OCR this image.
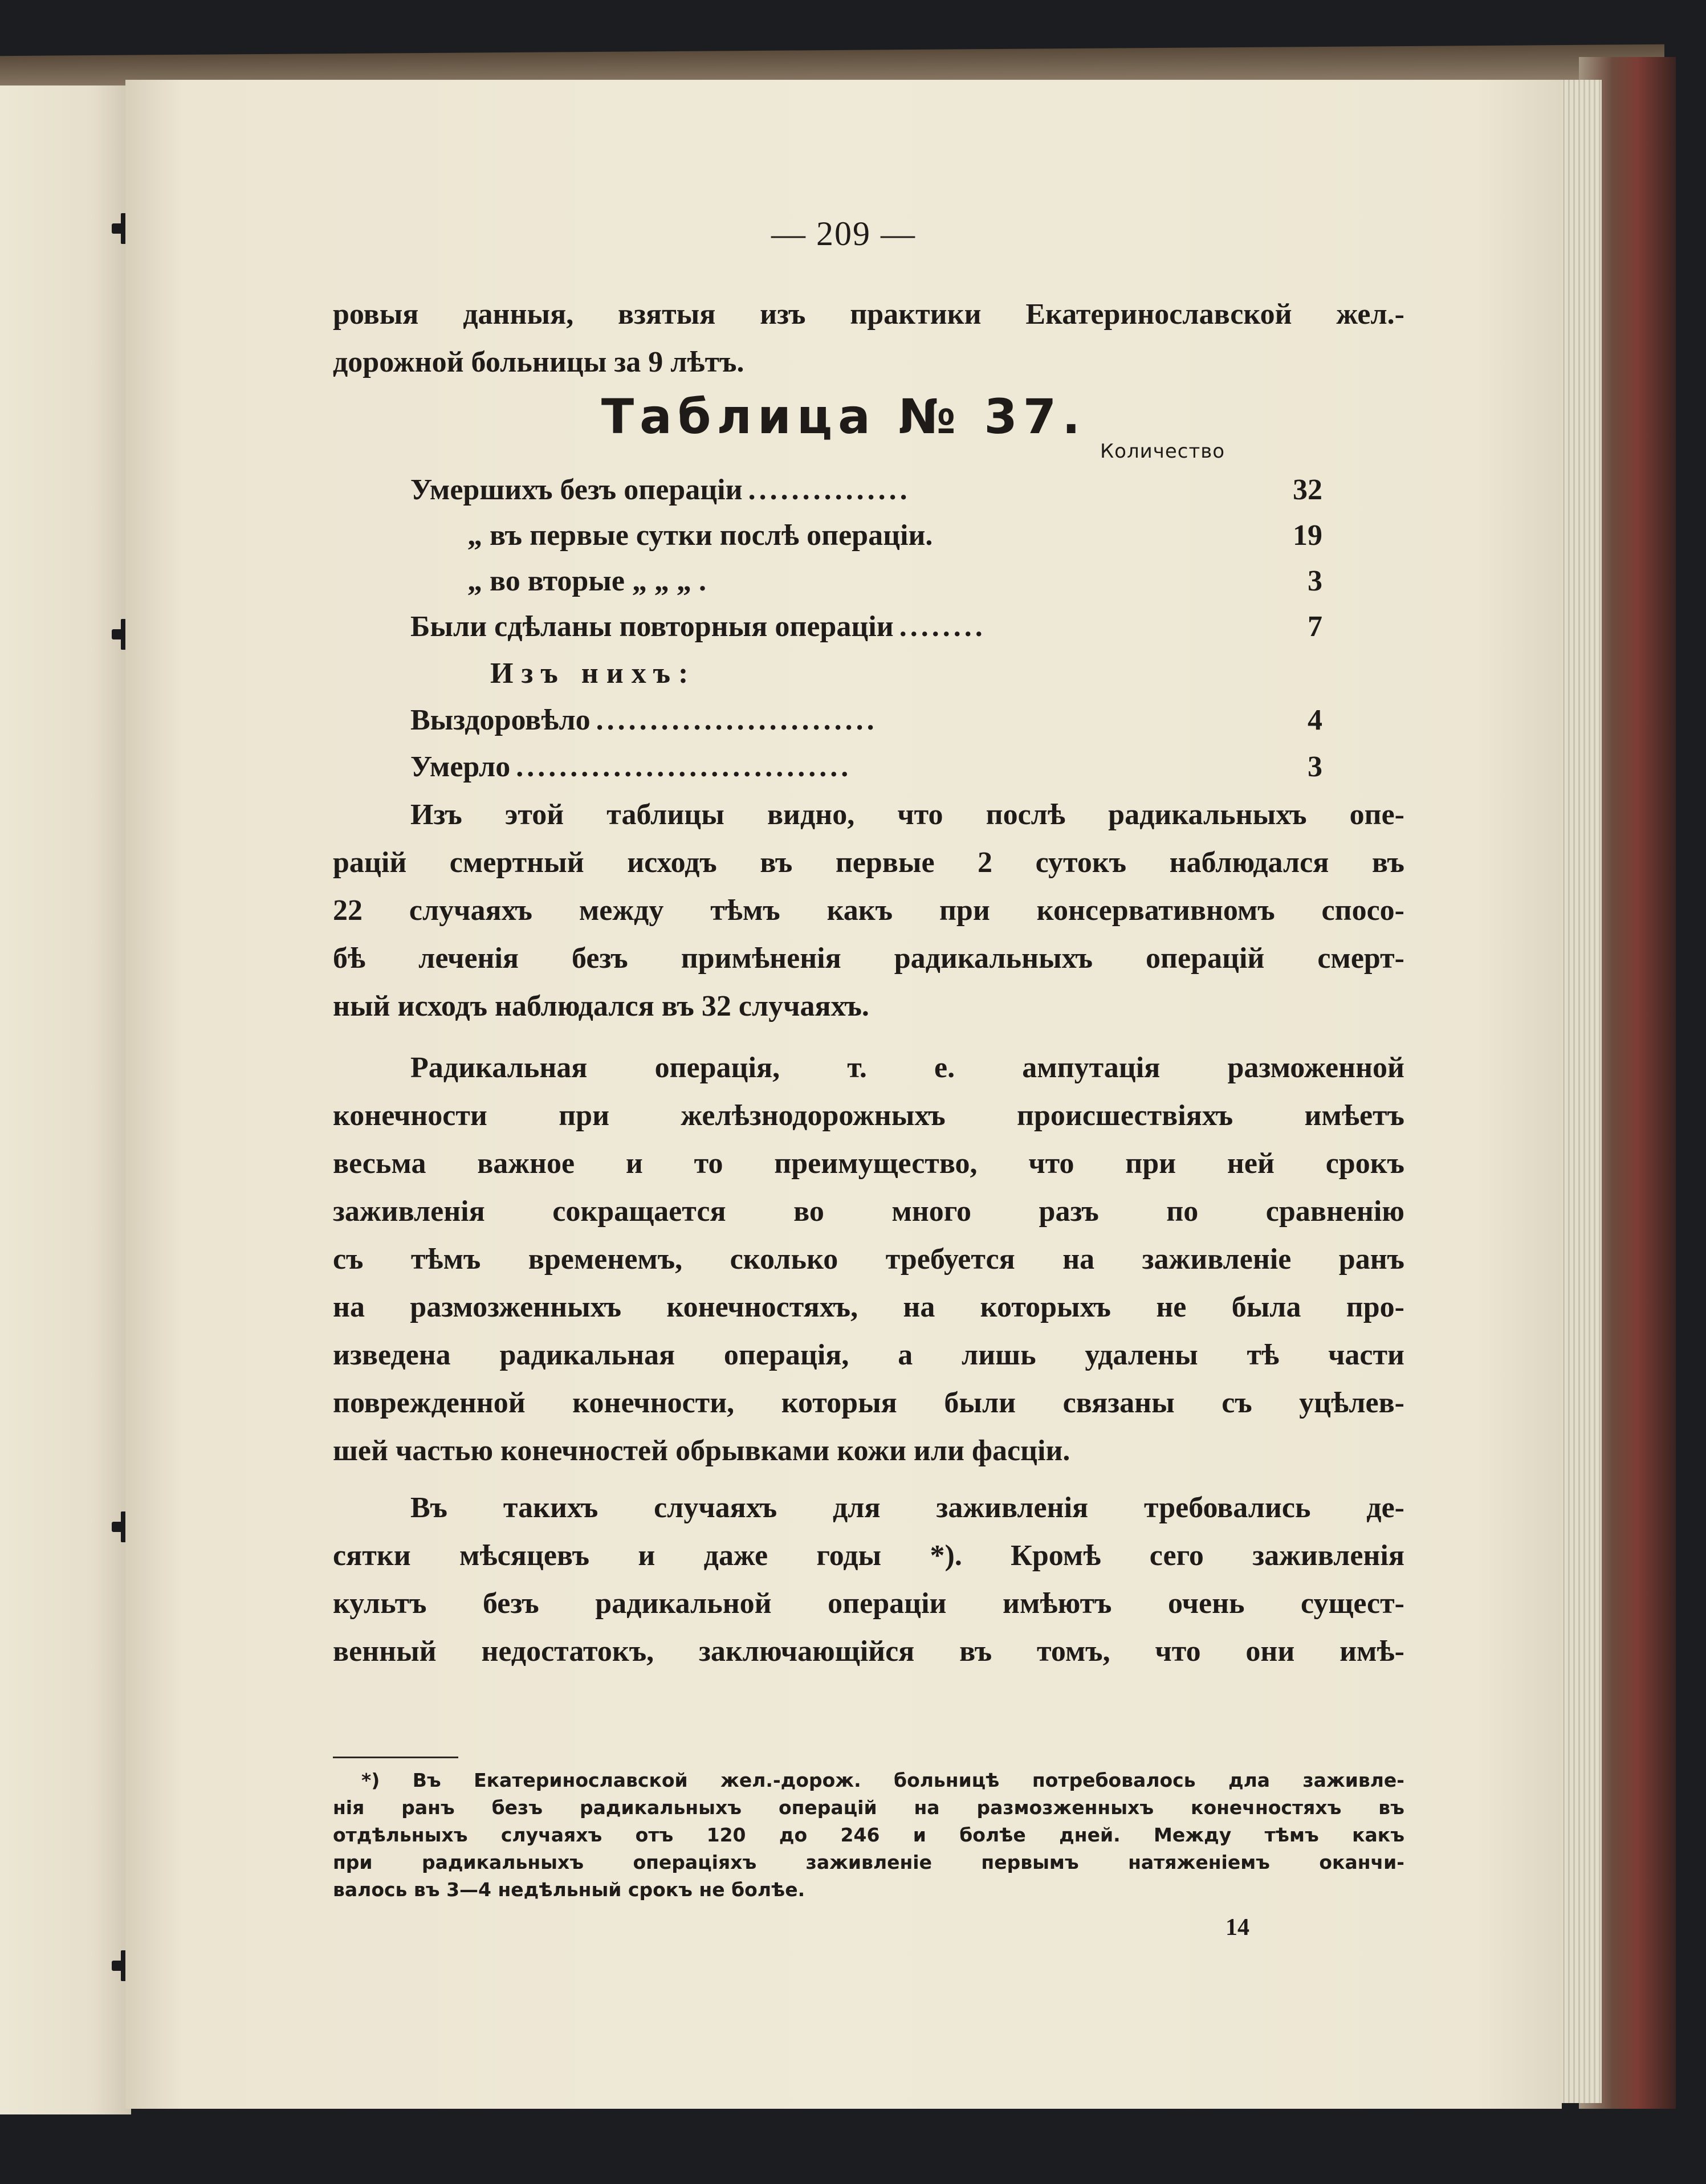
— 209 —
ровыя данныя, взятыя изъ практики Екатеринославской жел.-
дорожной больницы за 9 лѣтъ.
Таблица № 37.
Количество
Умершихъ безъ операціи ...............	32
„ въ первые сутки послѣ операціи.	19
„ во вторые „ „ „ .	3
Были сдѣланы повторныя операціи ........	7
Изъ нихъ:
Выздоровѣло ..........................	4
Умерло ...............................	3
Изъ этой таблицы видно, что послѣ радикальныхъ опе-
рацій смертный исходъ въ первые 2 сутокъ наблюдался въ
22 случаяхъ между тѣмъ какъ при консервативномъ спосо-
бѣ леченія безъ примѣненія радикальныхъ операцій смерт-
ный исходъ наблюдался въ 32 случаяхъ.
Радикальная операція, т. е. ампутація разможенной
конечности при желѣзнодорожныхъ происшествіяхъ имѣетъ
весьма важное и то преимущество, что при ней срокъ
заживленія сокращается во много разъ по сравненію
съ тѣмъ временемъ, сколько требуется на заживленіе ранъ
на размозженныхъ конечностяхъ, на которыхъ не была про-
изведена радикальная операція, а лишь удалены тѣ части
поврежденной конечности, которыя были связаны съ уцѣлев-
шей частью конечностей обрывками кожи или фасціи.
Въ такихъ случаяхъ для заживленія требовались де-
сятки мѣсяцевъ и даже годы *). Кромѣ сего заживленія
культъ безъ радикальной операціи имѣютъ очень сущест-
венный недостатокъ, заключающійся въ томъ, что они имѣ-
*) Въ Екатеринославской жел.-дорож. больницѣ потребовалось дла заживле-
нія ранъ безъ радикальныхъ операцій на размозженныхъ конечностяхъ въ
отдѣльныхъ случаяхъ отъ 120 до 246 и болѣе дней. Между тѣмъ какъ
при радикальныхъ операціяхъ заживленіе первымъ натяженіемъ оканчи-
валось въ 3—4 недѣльный срокъ не болѣе.
14
